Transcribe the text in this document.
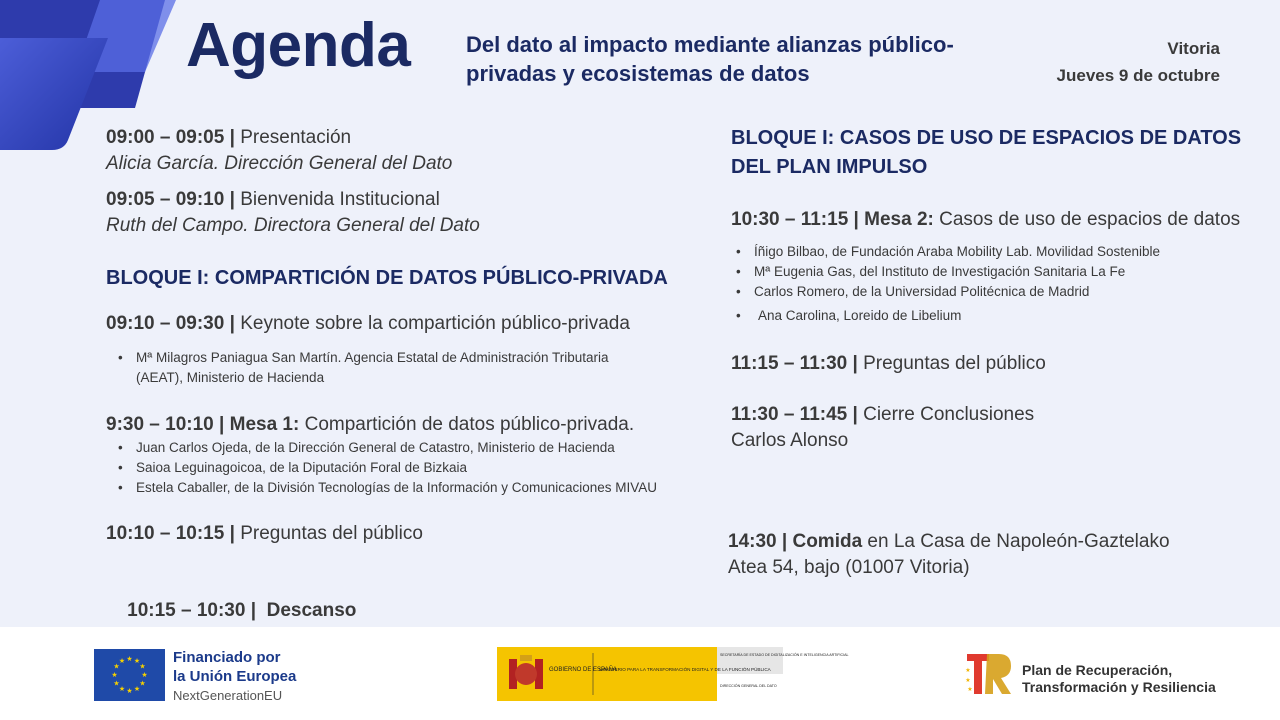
Agenda	Del dato al impacto mediante alianzas público-
privadas y ecosistemas de datos
Vitoria
Jueves 9 de octubre
09:00 – 09:05 | Presentación
Alicia García. Dirección General del Dato
09:05 – 09:10 | Bienvenida Institucional
Ruth del Campo. Directora General del Dato
BLOQUE I: COMPARTICIÓN DE DATOS PÚBLICO-PRIVADA
09:10 – 09:30 | Keynote sobre la compartición público-privada
• Mª Milagros Paniagua San Martín. Agencia Estatal de Administración Tributaria
(AEAT), Ministerio de Hacienda
9:30 – 10:10 | Mesa 1: Compartición de datos público-privada.
• Juan Carlos Ojeda, de la Dirección General de Catastro, Ministerio de Hacienda
• Saioa Leguinagoicoa, de la Diputación Foral de Bizkaia
• Estela Caballer, de la División Tecnologías de la Información y Comunicaciones MIVAU
10:10 – 10:15 | Preguntas del público

10:15 – 10:30 |  Descanso

BLOQUE I: CASOS DE USO DE ESPACIOS DE DATOS
DEL PLAN IMPULSO
10:30 – 11:15 | Mesa 2: Casos de uso de espacios de datos
• Íñigo Bilbao, de Fundación Araba Mobility Lab. Movilidad Sostenible
• Mª Eugenia Gas, del Instituto de Investigación Sanitaria La Fe
• Carlos Romero, de la Universidad Politécnica de Madrid
• Ana Carolina, Loreido de Libelium
11:15 – 11:30 | Preguntas del público
11:30 – 11:45 | Cierre Conclusiones
Carlos Alonso
14:30 | Comida en La Casa de Napoleón-Gaztelako
Atea 54, bajo (01007 Vitoria)
★ ★
★
★
★
★
★
★
★
★
★
★	Financiado por
la Unión Europea
NextGenerationEU
GOBIERNO DE ESPAÑA
MINISTERIO PARA LA TRANSFORMACIÓN DIGITAL Y DE LA FUNCIÓN PÚBLICA
SECRETARÍA DE ESTADO DE DIGITALIZACIÓN E INTELIGENCIA ARTIFICIAL
DIRECCIÓN GENERAL DEL DATO
★
★
★
Plan de Recuperación,
Transformación y Resiliencia
